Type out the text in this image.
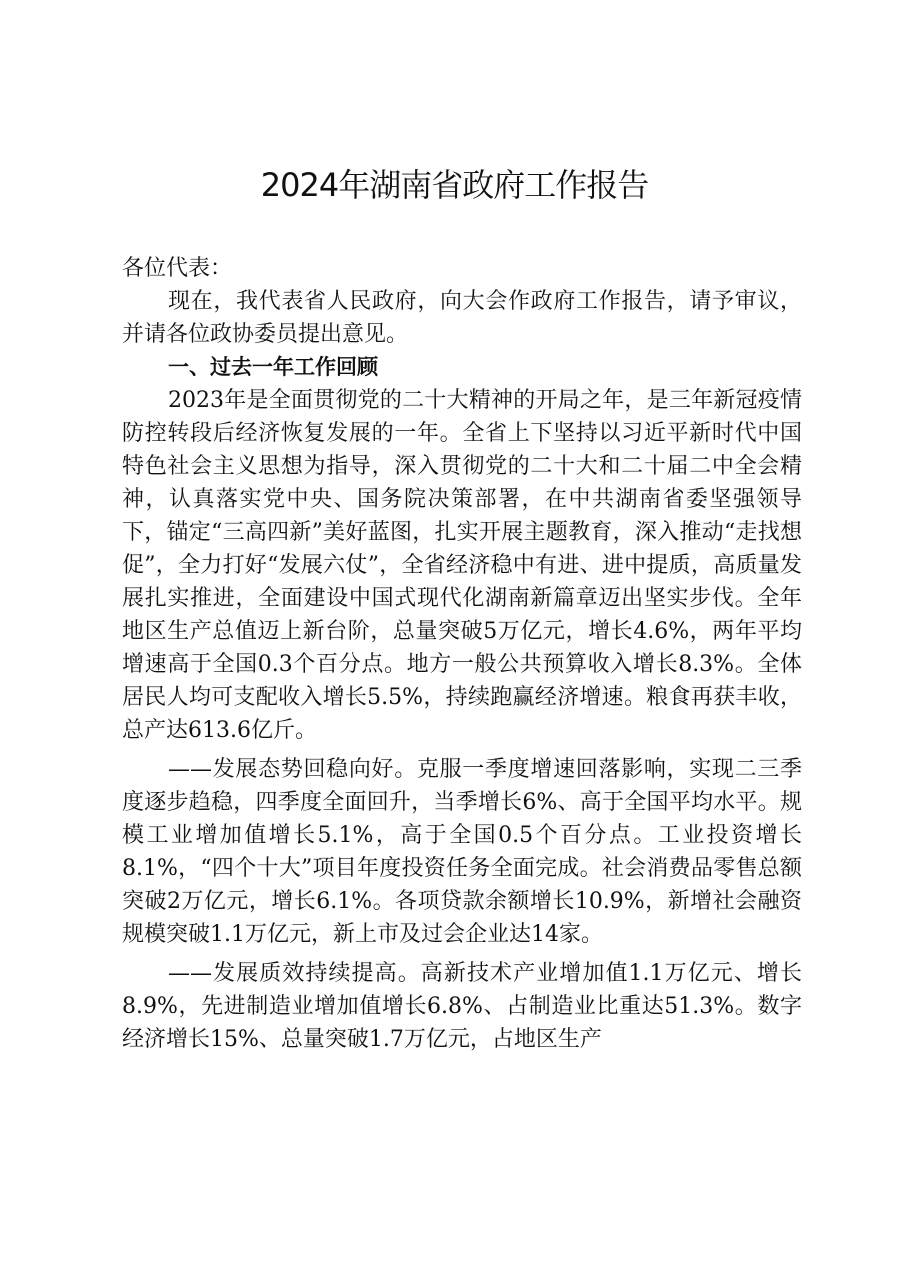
2024年湖南省政府工作报告

各位代表：

现在，我代表省人民政府，向大会作政府工作报告，请予审议，并请各位政协委员提出意见。

一、过去一年工作回顾

2023年是全面贯彻党的二十大精神的开局之年，是三年新冠疫情防控转段后经济恢复发展的一年。全省上下坚持以习近平新时代中国特色社会主义思想为指导，深入贯彻党的二十大和二十届二中全会精神，认真落实党中央、国务院决策部署，在中共湖南省委坚强领导下，锚定“三高四新”美好蓝图，扎实开展主题教育，深入推动“走找想促”，全力打好“发展六仗”，全省经济稳中有进、进中提质，高质量发展扎实推进，全面建设中国式现代化湖南新篇章迈出坚实步伐。全年地区生产总值迈上新台阶，总量突破5万亿元，增长4.6%，两年平均增速高于全国0.3个百分点。地方一般公共预算收入增长8.3%。全体居民人均可支配收入增长5.5%，持续跑赢经济增速。粮食再获丰收，总产达613.6亿斤。

——发展态势回稳向好。克服一季度增速回落影响，实现二三季度逐步趋稳，四季度全面回升，当季增长6%、高于全国平均水平。规模工业增加值增长5.1%，高于全国0.5个百分点。工业投资增长8.1%，“四个十大”项目年度投资任务全面完成。社会消费品零售总额突破2万亿元，增长6.1%。各项贷款余额增长10.9%，新增社会融资规模突破1.1万亿元，新上市及过会企业达14家。

——发展质效持续提高。高新技术产业增加值1.1万亿元、增长8.9%，先进制造业增加值增长6.8%、占制造业比重达51.3%。数字经济增长15%、总量突破1.7万亿元，占地区生产
